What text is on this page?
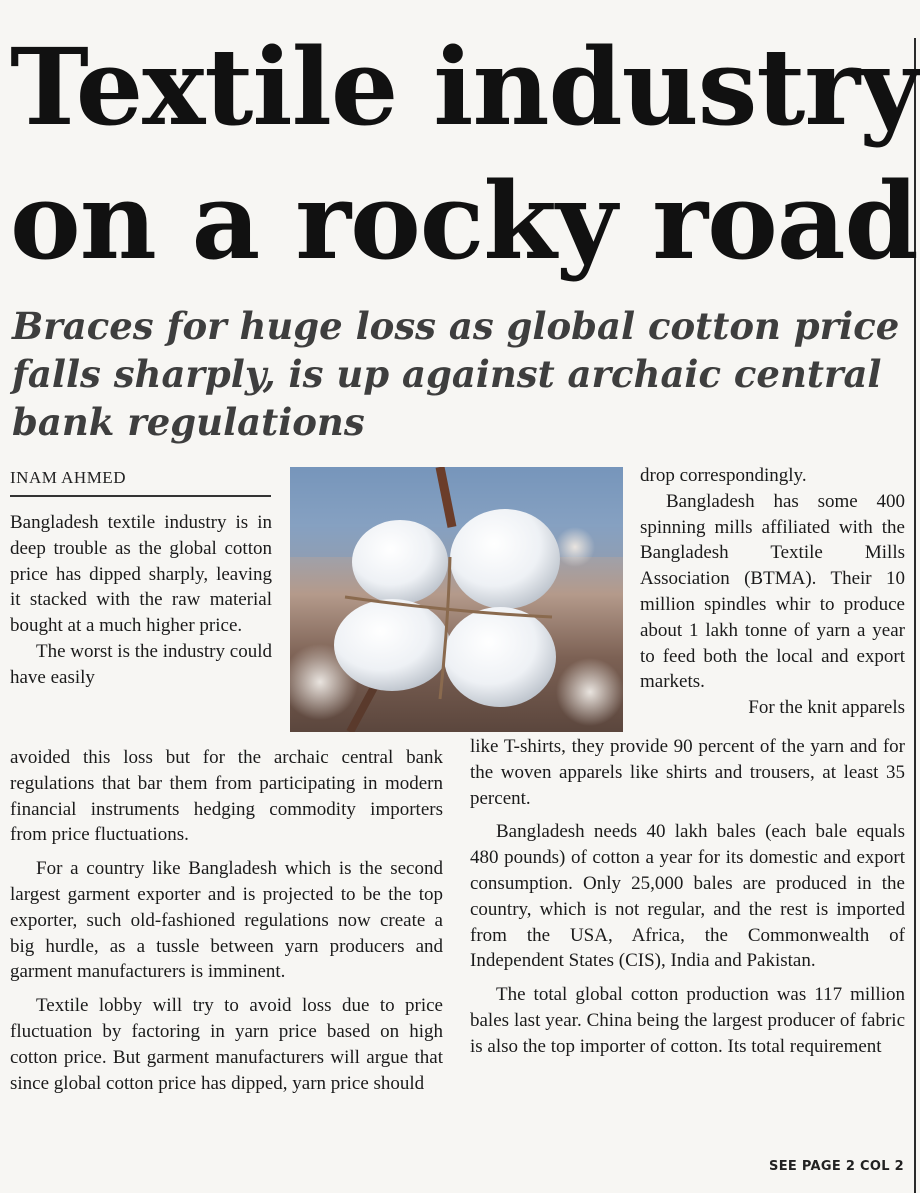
Textile industry
on a rocky road
Braces for huge loss as global cotton price falls sharply, is up against archaic central bank regulations
INAM AHMED

Bangladesh textile industry is in deep trouble as the global cotton price has dipped sharply, leaving it stacked with the raw material bought at a much higher price.

The worst is the industry could have easily

avoided this loss but for the archaic central bank regulations that bar them from participating in modern financial instruments hedging commodity importers from price fluctuations.

For a country like Bangladesh which is the second largest garment exporter and is projected to be the top exporter, such old-fashioned regulations now create a big hurdle, as a tussle between yarn producers and garment manufacturers is imminent.

Textile lobby will try to avoid loss due to price fluctuation by factoring in yarn price based on high cotton price. But garment manufacturers will argue that since global cotton price has dipped, yarn price should

drop correspondingly.

Bangladesh has some 400 spinning mills affiliated with the Bangladesh Textile Mills Association (BTMA). Their 10 million spindles whir to produce about 1 lakh tonne of yarn a year to feed both the local and export markets.

For the knit apparels

like T-shirts, they provide 90 percent of the yarn and for the woven apparels like shirts and trousers, at least 35 percent.

Bangladesh needs 40 lakh bales (each bale equals 480 pounds) of cotton a year for its domestic and export consumption. Only 25,000 bales are produced in the country, which is not regular, and the rest is imported from the USA, Africa, the Commonwealth of Independent States (CIS), India and Pakistan.

The total global cotton production was 117 million bales last year. China being the largest producer of fabric is also the top importer of cotton. Its total requirement

SEE PAGE 2 COL 2
